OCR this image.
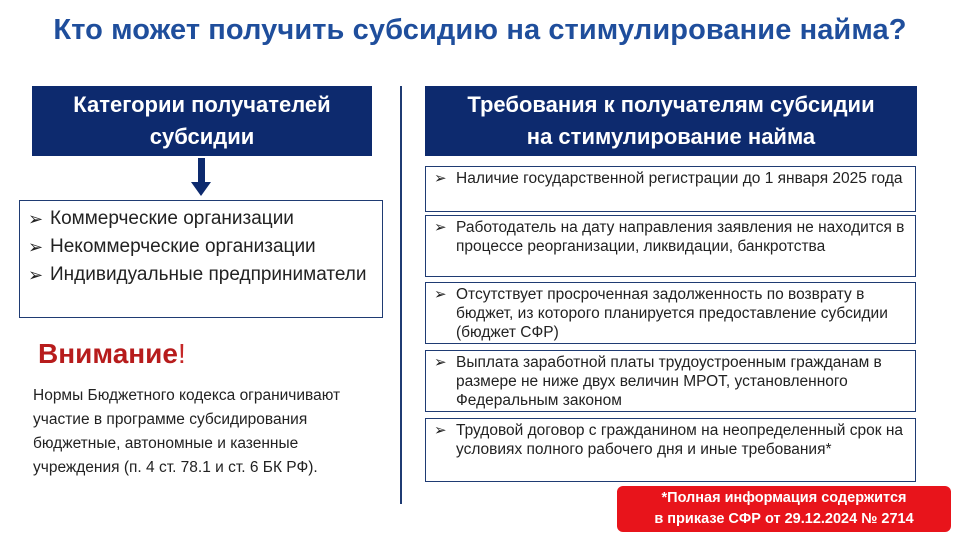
Кто может получить субсидию на стимулирование найма?
Категории получателей
субсидии
➢ Коммерческие организации
➢ Некоммерческие организации
➢ Индивидуальные предприниматели
Внимание!
Нормы Бюджетного кодекса ограничивают участие в программе субсидирования бюджетные, автономные и казенные учреждения (п. 4 ст. 78.1 и ст. 6 БК РФ).
Требования к получателям субсидии
на стимулирование найма
➢ Наличие государственной регистрации до 1 января 2025 года
➢ Работодатель на дату направления заявления не находится в процессе реорганизации, ликвидации, банкротства
➢ Отсутствует просроченная задолженность по возврату в бюджет, из которого планируется предоставление субсидии (бюджет СФР)
➢ Выплата заработной платы трудоустроенным гражданам в размере не ниже двух величин МРОТ, установленного Федеральным законом
➢ Трудовой договор с гражданином на неопределенный срок на условиях полного рабочего дня и иные требования*
*Полная информация содержится
в приказе СФР от 29.12.2024 № 2714
